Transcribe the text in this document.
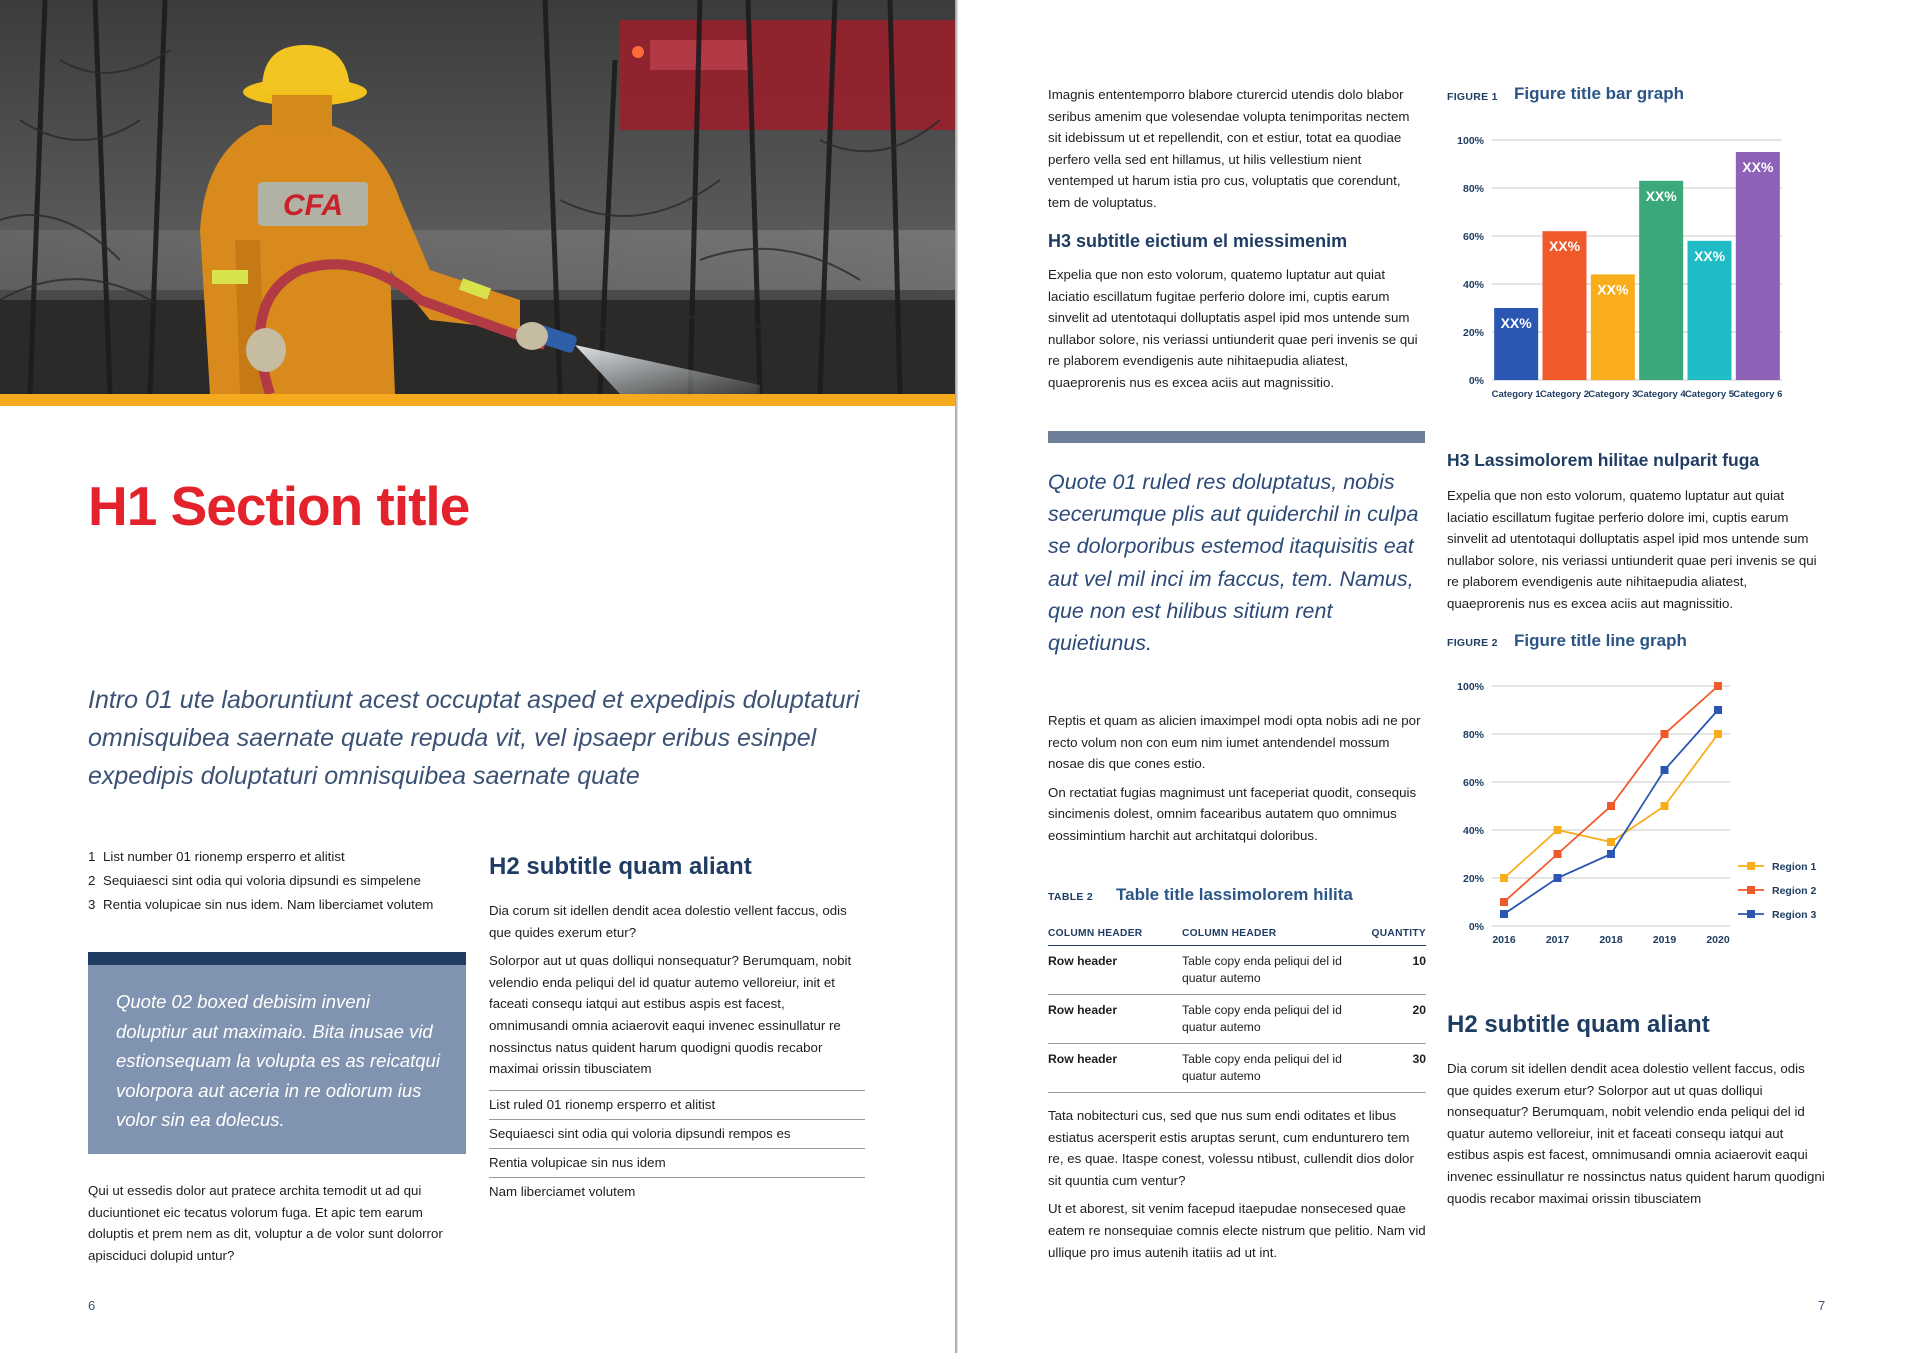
CFA
H1 Section title
Intro 01 ute laboruntiunt acest occuptat asped et expedipis doluptaturi omnisquibea saernate quate repuda vit, vel ipsaepr eribus esinpel expedipis doluptaturi omnisquibea saernate quate
1 List number 01 rionemp ersperro et alitist
2 Sequiaesci sint odia qui voloria dipsundi es simpelene
3 Rentia volupicae sin nus idem. Nam liberciamet volutem
Quote 02 boxed debisim inveni doluptiur aut maximaio. Bita inusae vid estionsequam la volupta es as reicatqui volorpora aut aceria in re odiorum ius volor sin ea dolecus.
Qui ut essedis dolor aut pratece archita temodit ut ad qui duciuntionet eic tecatus volorum fuga. Et apic tem earum doluptis et prem nem as dit, voluptur a de volor sunt dolorror apisciduci dolupid untur?
H2 subtitle quam aliant

Dia corum sit idellen dendit acea dolestio vellent faccus, odis que quides exerum etur?

Solorpor aut ut quas dolliqui nonsequatur? Berumquam, nobit velendio enda peliqui del id quatur autemo velloreiur, init et faceati consequ iatqui aut estibus aspis est facest, omnimusandi omnia aciaerovit eaqui invenec essinullatur re nossinctus natus quident harum quodigni quodis recabor maximai orissin tibusciatem

List ruled 01 rionemp ersperro et alitist
Sequiaesci sint odia qui voloria dipsundi rempos es
Rentia volupicae sin nus idem
Nam liberciamet volutem
6
Imagnis ententemporro blabore cturercid utendis dolo blabor seribus amenim que volesendae volupta tenimporitas nectem sit idebissum ut et repellendit, con et estiur, totat ea quodiae perfero vella sed ent hillamus, ut hilis vellestium nient ventemped ut harum istia pro cus, voluptatis que corendunt, tem de voluptatus.
H3 subtitle eictium el miessimenim
Expelia que non esto volorum, quatemo luptatur aut quiat laciatio escillatum fugitae perferio dolore imi, cuptis earum sinvelit ad utentotaqui dolluptatis aspel ipid mos untende sum nullabor solore, nis veriassi untiunderit quae peri invenis se qui re plaborem evendigenis aute nihitaepudia aliatest, quaeprorenis nus es excea aciis aut magnissitio.
Quote 01 ruled res doluptatus, nobis secerumque plis aut quiderchil in culpa se dolorporibus estemod itaquisitis eat aut vel mil inci im faccus, tem. Namus, que non est hilibus sitium rent quietiunus.

Reptis et quam as alicien imaximpel modi opta nobis adi ne por recto volum non con eum nim iumet antendendel mossum nosae dis que cones estio.

On rectatiat fugias magnimust unt faceperiat quodit, consequis sincimenis dolest, omnim facearibus autatem quo omnimus eossimintium harchit aut architatqui doloribus.

TABLE 2 Table title lassimolorem hilita
COLUMN HEADER	COLUMN HEADER	QUANTITY
Row header	Table copy enda peliqui del id quatur autemo	10
Row header	Table copy enda peliqui del id quatur autemo	20
Row header	Table copy enda peliqui del id quatur autemo	30

Tata nobitecturi cus, sed que nus sum endi oditates et libus estiatus acersperit estis aruptas serunt, cum endunturero tem re, es quae. Itaspe conest, volessu ntibust, cullendit dios dolor sit quuntia cum ventur?

Ut et aborest, sit venim facepud itaepudae nonsecesed quae eatem re nonsequiae comnis electe nistrum que pelitio. Nam vid ullique pro imus autenih itatiis ad ut int.

FIGURE 1 Figure title bar graph
0%
20%
40%
60%
80%
100%
XX%
Category 1
XX%
Category 2
XX%
Category 3
XX%
Category 4
XX%
Category 5
XX%
Category 6
H3 Lassimolorem hilitae nulparit fuga
Expelia que non esto volorum, quatemo luptatur aut quiat laciatio escillatum fugitae perferio dolore imi, cuptis earum sinvelit ad utentotaqui dolluptatis aspel ipid mos untende sum nullabor solore, nis veriassi untiunderit quae peri invenis se qui re plaborem evendigenis aute nihitaepudia aliatest, quaeprorenis nus es excea aciis aut magnissitio.
FIGURE 2 Figure title line graph
0%
20%
40%
60%
80%
100%
2016	2017	2018	2019	2020
Region 1
Region 2
Region 3
H2 subtitle quam aliant
Dia corum sit idellen dendit acea dolestio vellent faccus, odis que quides exerum etur? Solorpor aut ut quas dolliqui nonsequatur? Berumquam, nobit velendio enda peliqui del id quatur autemo velloreiur, init et faceati consequ iatqui aut estibus aspis est facest, omnimusandi omnia aciaerovit eaqui invenec essinullatur re nossinctus natus quident harum quodigni quodis recabor maximai orissin tibusciatem
7
